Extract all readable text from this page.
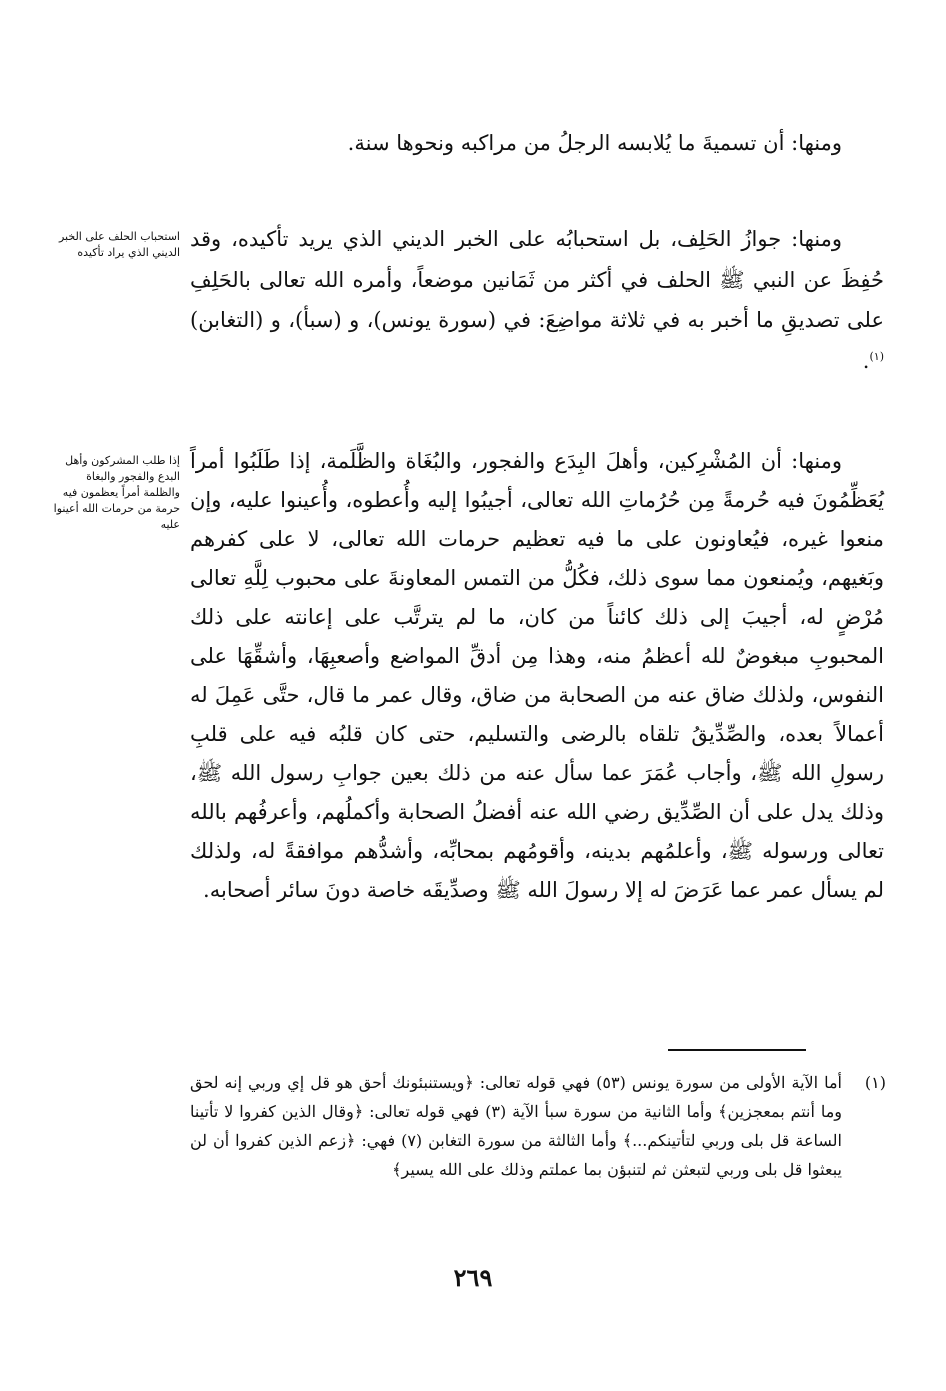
ومنها: أن تسميةَ ما يُلابسه الرجلُ من مراكبه ونحوها سنة.

ومنها: جوازُ الحَلِف، بل استحبابُه على الخبر الديني الذي يريد تأكيده، وقد حُفِظَ عن النبي ﷺ الحلف في أكثر من ثَمَانين موضعاً، وأمره الله تعالى بالحَلِفِ على تصديقِ ما أخبر به في ثلاثة مواضِعَ: في (سورة يونس)، و (سبأ)، و (التغابن)$^{(١)}$.

استحباب الحلف على الخبر الديني الذي يراد تأكيده

ومنها: أن المُشْرِكين، وأهلَ البِدَع والفجور، والبُغَاة والظَّلَمة، إذا طَلَبُوا أمراً يُعَظِّمُونَ فيه حُرمةً مِن حُرُماتِ الله تعالى، أجيبُوا إليه وأُعطوه، وأُعينوا عليه، وإن منعوا غيره، فيُعاونون على ما فيه تعظيم حرمات الله تعالى، لا على كفرهم وبَغيهم، ويُمنعون مما سوى ذلك، فكُلُّ من التمس المعاونةَ على محبوب لِلَّهِ تعالى مُرْضٍ له، أجيبَ إلى ذلك كائناً من كان، ما لم يترتَّب على إعانته على ذلك المحبوبِ مبغوضٌ لله أعظمُ منه، وهذا مِن أدقِّ المواضع وأصعبِهَا، وأشقِّهَا على النفوس، ولذلك ضاق عنه من الصحابة من ضاق، وقال عمر ما قال، حتَّى عَمِلَ له أعمالاً بعده، والصِّدِّيقُ تلقاه بالرضى والتسليم، حتى كان قلبُه فيه على قلبِ رسولِ الله ﷺ، وأجاب عُمَرَ عما سأل عنه من ذلك بعين جوابِ رسول الله ﷺ، وذلك يدل على أن الصِّدِّيق رضي الله عنه أفضلُ الصحابة وأكملُهم، وأعرفُهم بالله تعالى ورسوله ﷺ، وأعلمُهم بدينه، وأقومُهم بمحابِّه، وأشدُّهم موافقةً له، ولذلك لم يسأل عمر عما عَرَضَ له إلا رسولَ الله ﷺ وصدِّيقَه خاصة دونَ سائر أصحابه.

إذا طلب المشركون وأهل البدع والفجور والبغاة والظلمة أمراً يعظمون فيه حرمة من حرمات الله أعينوا عليه
(١)
أما الآية الأولى من سورة يونس (٥٣) فهي قوله تعالى: ﴿ويستنبئونك أحق هو قل إي وربي إنه لحق وما أنتم بمعجزين﴾ وأما الثانية من سورة سبأ الآية (٣) فهي قوله تعالى: ﴿وقال الذين كفروا لا تأتينا الساعة قل بلى وربي لتأتينكم...﴾ وأما الثالثة من سورة التغابن (٧) فهي: ﴿زعم الذين كفروا أن لن يبعثوا قل بلى وربي لتبعثن ثم لتنبؤن بما عملتم وذلك على الله يسير﴾
٢٦٩
